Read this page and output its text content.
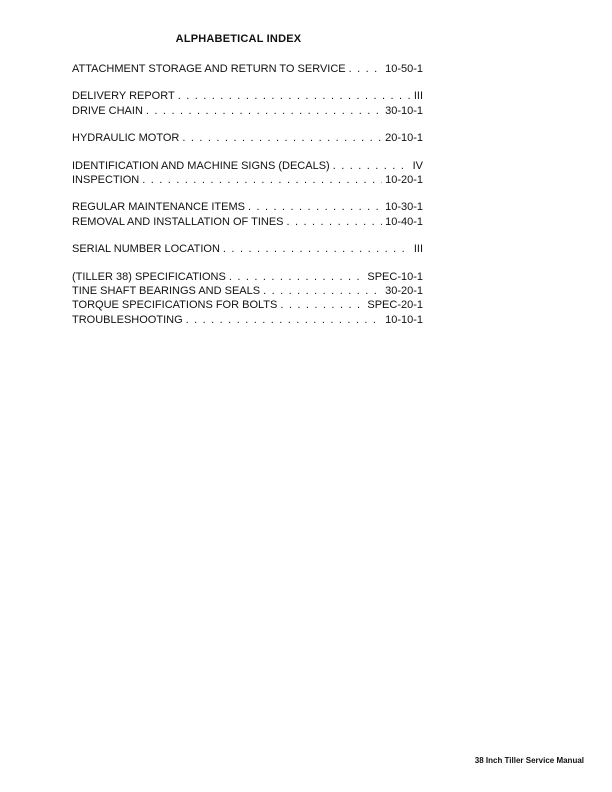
ALPHABETICAL INDEX
ATTACHMENT STORAGE AND RETURN TO SERVICE . . .	10-50-1
DELIVERY REPORT . . .	III
DRIVE CHAIN . . .	30-10-1
HYDRAULIC MOTOR . . .	20-10-1
IDENTIFICATION AND MACHINE SIGNS (DECALS) . . .	IV
INSPECTION . . .	10-20-1
REGULAR MAINTENANCE ITEMS . . .	10-30-1
REMOVAL AND INSTALLATION OF TINES . . .	10-40-1
SERIAL NUMBER LOCATION . . .	III
(TILLER 38) SPECIFICATIONS . . .	SPEC-10-1
TINE SHAFT BEARINGS AND SEALS . . .	30-20-1
TORQUE SPECIFICATIONS FOR BOLTS . . .	SPEC-20-1
TROUBLESHOOTING . . .	10-10-1
38 Inch Tiller Service Manual
